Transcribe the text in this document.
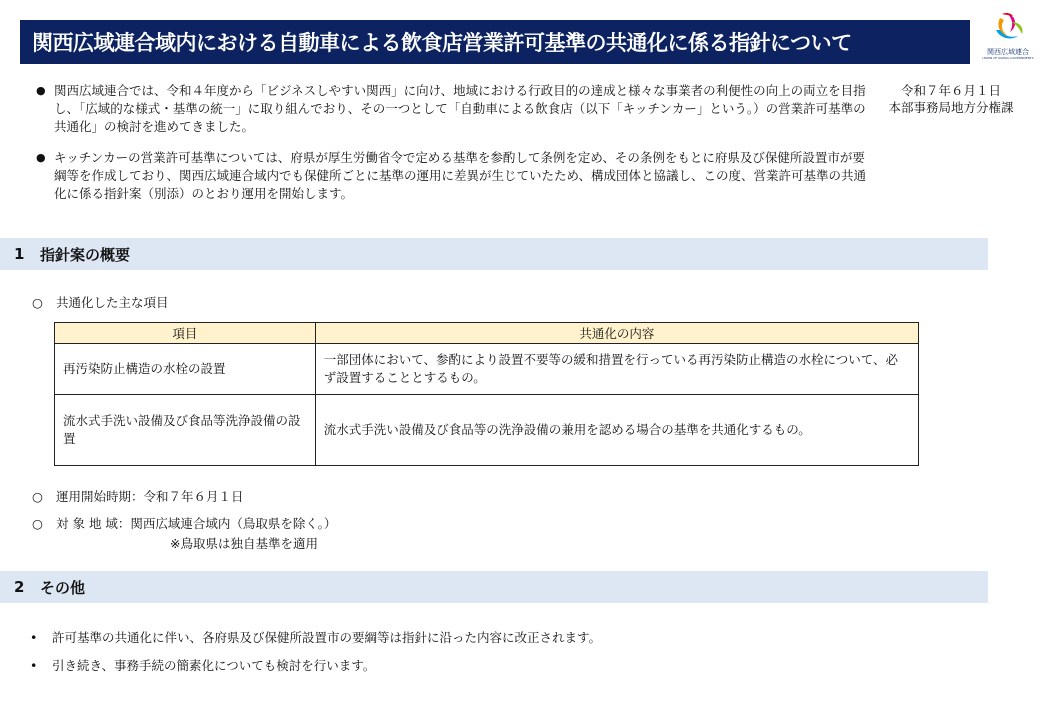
関西広域連合域内における自動車による飲食店営業許可基準の共通化に係る指針について	関西広域連合
UNION OF KANSAI GOVERNMENTS
令和７年６月１日
本部事務局地方分権課
● 関西広域連合では、令和４年度から「ビジネスしやすい関西」に向け、地域における行政目的の達成と様々な事業者の利便性の向上の両立を目指し、「広域的な様式・基準の統一」に取り組んでおり、その一つとして「自動車による飲食店（以下「キッチンカー」という。）の営業許可基準の共通化」の検討を進めてきました。
● キッチンカーの営業許可基準については、府県が厚生労働省令で定める基準を参酌して条例を定め、その条例をもとに府県及び保健所設置市が要綱等を作成しており、関西広域連合域内でも保健所ごとに基準の運用に差異が生じていたため、構成団体と協議し、この度、営業許可基準の共通化に係る指針案（別添）のとおり運用を開始します。
1	指針案の概要
○ 共通化した主な項目
項目	共通化の内容
再汚染防止構造の水栓の設置	一部団体において、参酌により設置不要等の緩和措置を行っている再汚染防止構造の水栓について、必ず設置することとするもの。
流水式手洗い設備及び食品等洗浄設備の設置	流水式手洗い設備及び食品等の洗浄設備の兼用を認める場合の基準を共通化するもの。
○ 運用開始時期：令和７年６月１日
○ 対 象 地 域：関西広域連合域内（鳥取県を除く。）
※鳥取県は独自基準を適用
2	その他
• 許可基準の共通化に伴い、各府県及び保健所設置市の要綱等は指針に沿った内容に改正されます。
• 引き続き、事務手続の簡素化についても検討を行います。
